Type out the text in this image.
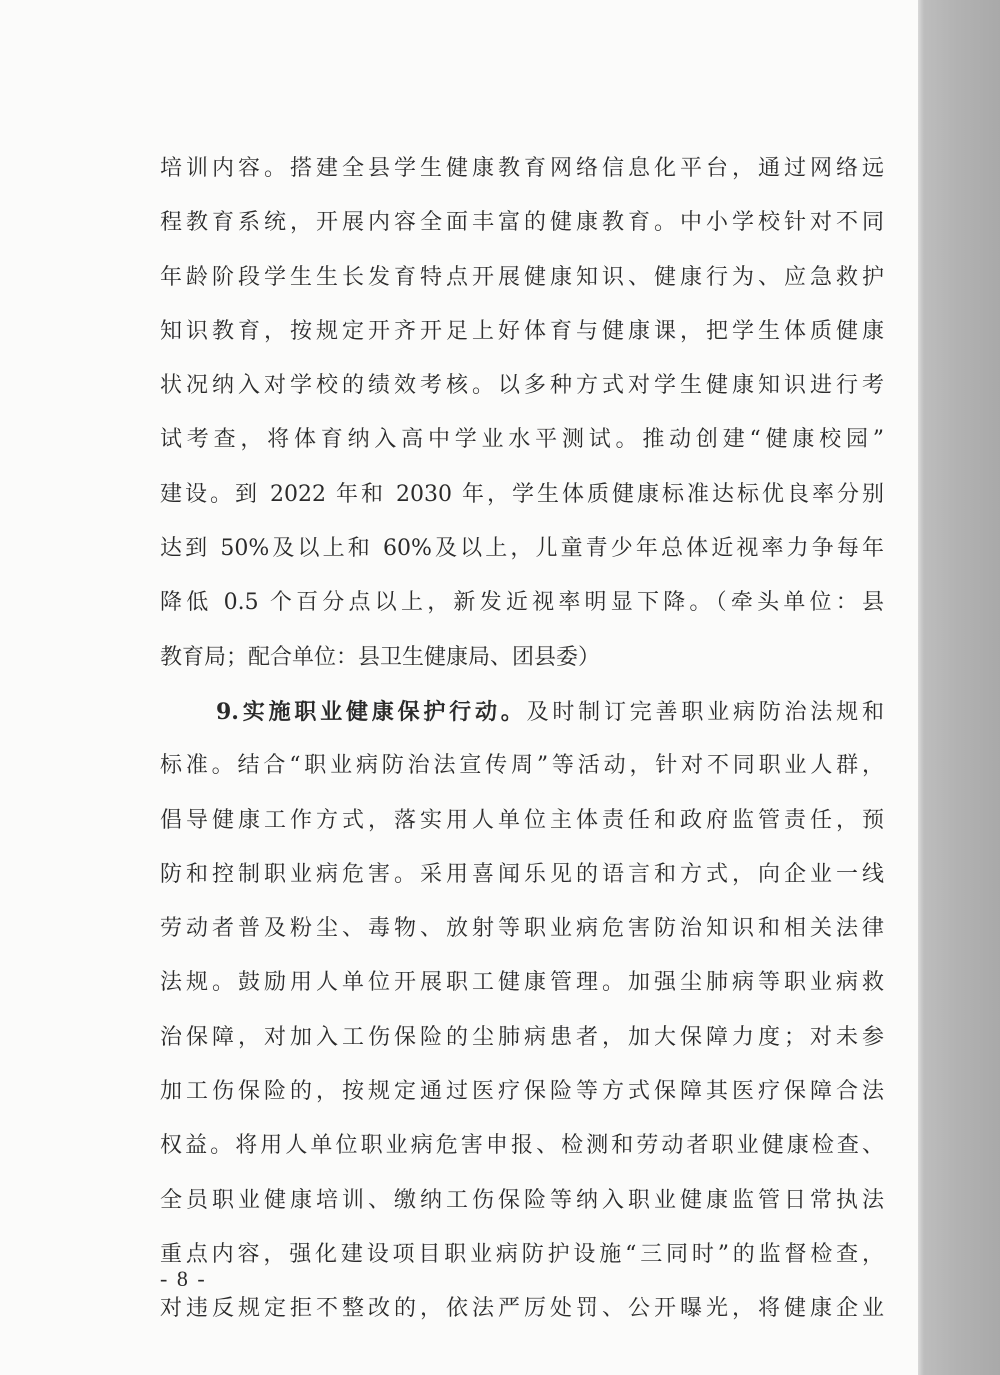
培训内容。搭建全县学生健康教育网络信息化平台，通过网络远
程教育系统，开展内容全面丰富的健康教育。中小学校针对不同
年龄阶段学生生长发育特点开展健康知识、健康行为、应急救护
知识教育，按规定开齐开足上好体育与健康课，把学生体质健康
状况纳入对学校的绩效考核。以多种方式对学生健康知识进行考
试考查，将体育纳入高中学业水平测试。推动创建“健康校园”
建设。到 2022 年和 2030 年，学生体质健康标准达标优良率分别
达到 50%及以上和 60%及以上，儿童青少年总体近视率力争每年
降低 0.5 个百分点以上，新发近视率明显下降。（牵头单位：县
教育局；配合单位：县卫生健康局、团县委）
9.实施职业健康保护行动。及时制订完善职业病防治法规和
标准。结合“职业病防治法宣传周”等活动，针对不同职业人群，
倡导健康工作方式，落实用人单位主体责任和政府监管责任，预
防和控制职业病危害。采用喜闻乐见的语言和方式，向企业一线
劳动者普及粉尘、毒物、放射等职业病危害防治知识和相关法律
法规。鼓励用人单位开展职工健康管理。加强尘肺病等职业病救
治保障，对加入工伤保险的尘肺病患者，加大保障力度；对未参
加工伤保险的，按规定通过医疗保险等方式保障其医疗保障合法
权益。将用人单位职业病危害申报、检测和劳动者职业健康检查、
全员职业健康培训、缴纳工伤保险等纳入职业健康监管日常执法
重点内容，强化建设项目职业病防护设施“三同时”的监督检查，
对违反规定拒不整改的，依法严厉处罚、公开曝光，将健康企业
- 8 -
